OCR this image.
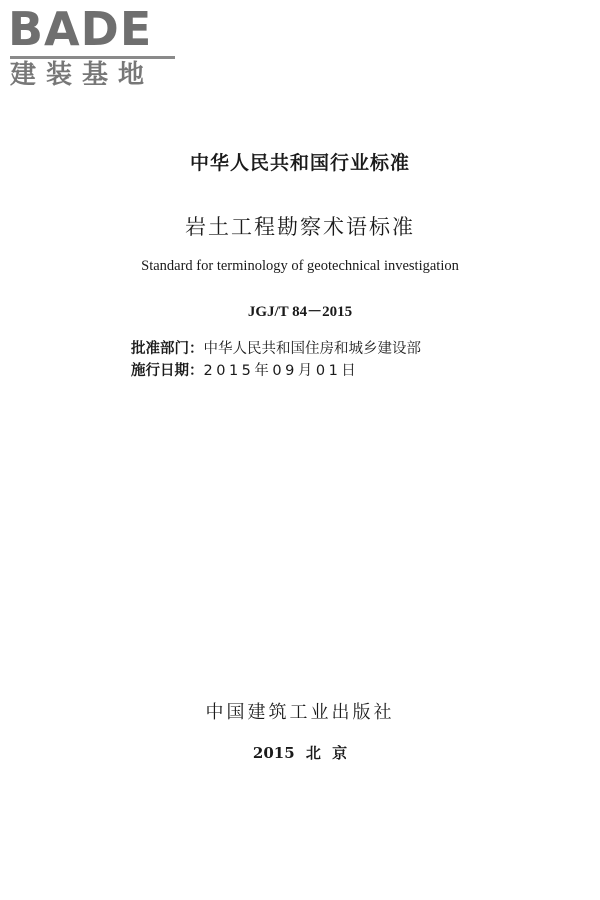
BADE
建装基地
中华人民共和国行业标准
岩土工程勘察术语标准
Standard for terminology of geotechnical investigation
JGJ/T 84－2015
批准部门：中华人民共和国住房和城乡建设部
施行日期：2015年09月01日
中国建筑工业出版社
2015 北 京
